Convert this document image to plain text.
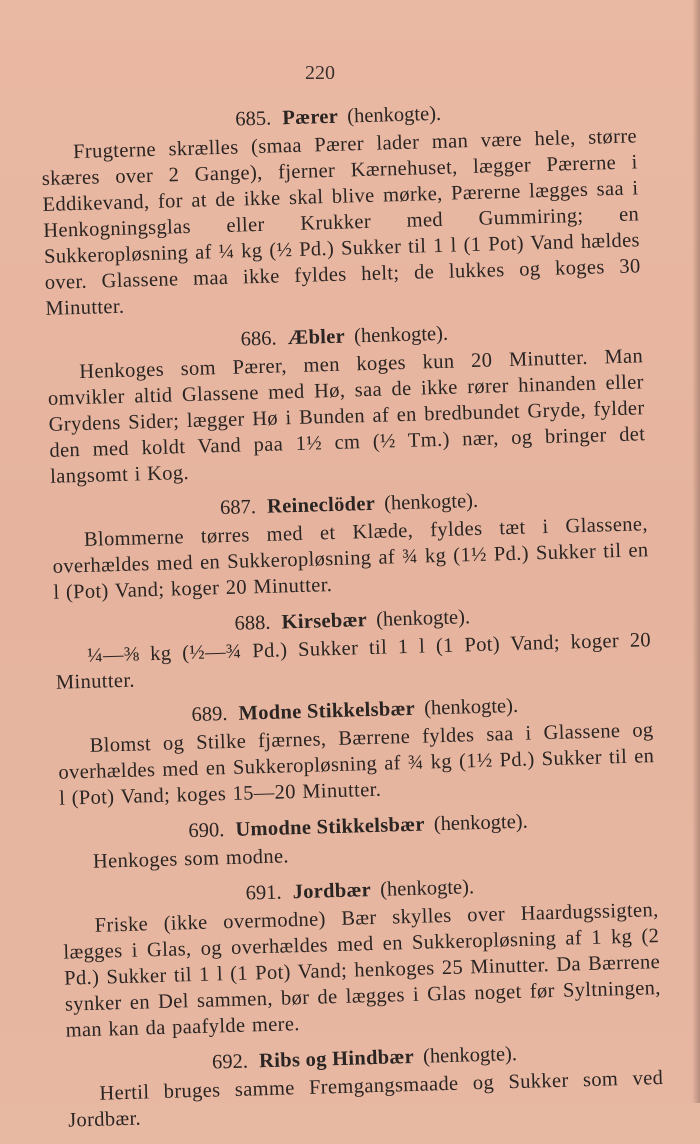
220
685. Pærer (henkogte).
Frugterne skrælles (smaa Pærer lader man være hele, større skæres over 2 Gange), fjerner Kærnehuset, lægger Pærerne i Eddikevand, for at de ikke skal blive mørke, Pærerne lægges saa i Henkogningsglas eller Krukker med Gummiring; en Sukkeropløsning af ¼ kg (½ Pd.) Sukker til 1 l (1 Pot) Vand hældes over. Glassene maa ikke fyldes helt; de lukkes og koges 30 Minutter.
686. Æbler (henkogte).
Henkoges som Pærer, men koges kun 20 Minutter. Man omvikler altid Glassene med Hø, saa de ikke rører hinanden eller Grydens Sider; lægger Hø i Bunden af en bredbundet Gryde, fylder den med koldt Vand paa 1½ cm (½ Tm.) nær, og bringer det langsomt i Kog.
687. Reineclöder (henkogte).
Blommerne tørres med et Klæde, fyldes tæt i Glassene, overhældes med en Sukkeropløsning af ¾ kg (1½ Pd.) Sukker til en l (Pot) Vand; koger 20 Minutter.
688. Kirsebær (henkogte).
¼—⅜ kg (½—¾ Pd.) Sukker til 1 l (1 Pot) Vand; koger 20 Minutter.
689. Modne Stikkelsbær (henkogte).
Blomst og Stilke fjærnes, Bærrene fyldes saa i Glassene og overhældes med en Sukkeropløsning af ¾ kg (1½ Pd.) Sukker til en l (Pot) Vand; koges 15—20 Minutter.
690. Umodne Stikkelsbær (henkogte).
Henkoges som modne.
691. Jordbær (henkogte).
Friske (ikke overmodne) Bær skylles over Haardugssigten, lægges i Glas, og overhældes med en Sukkeropløsning af 1 kg (2 Pd.) Sukker til 1 l (1 Pot) Vand; henkoges 25 Minutter. Da Bærrene synker en Del sammen, bør de lægges i Glas noget før Syltningen, man kan da paafylde mere.
692. Ribs og Hindbær (henkogte).
Hertil bruges samme Fremgangsmaade og Sukker som ved Jordbær.
